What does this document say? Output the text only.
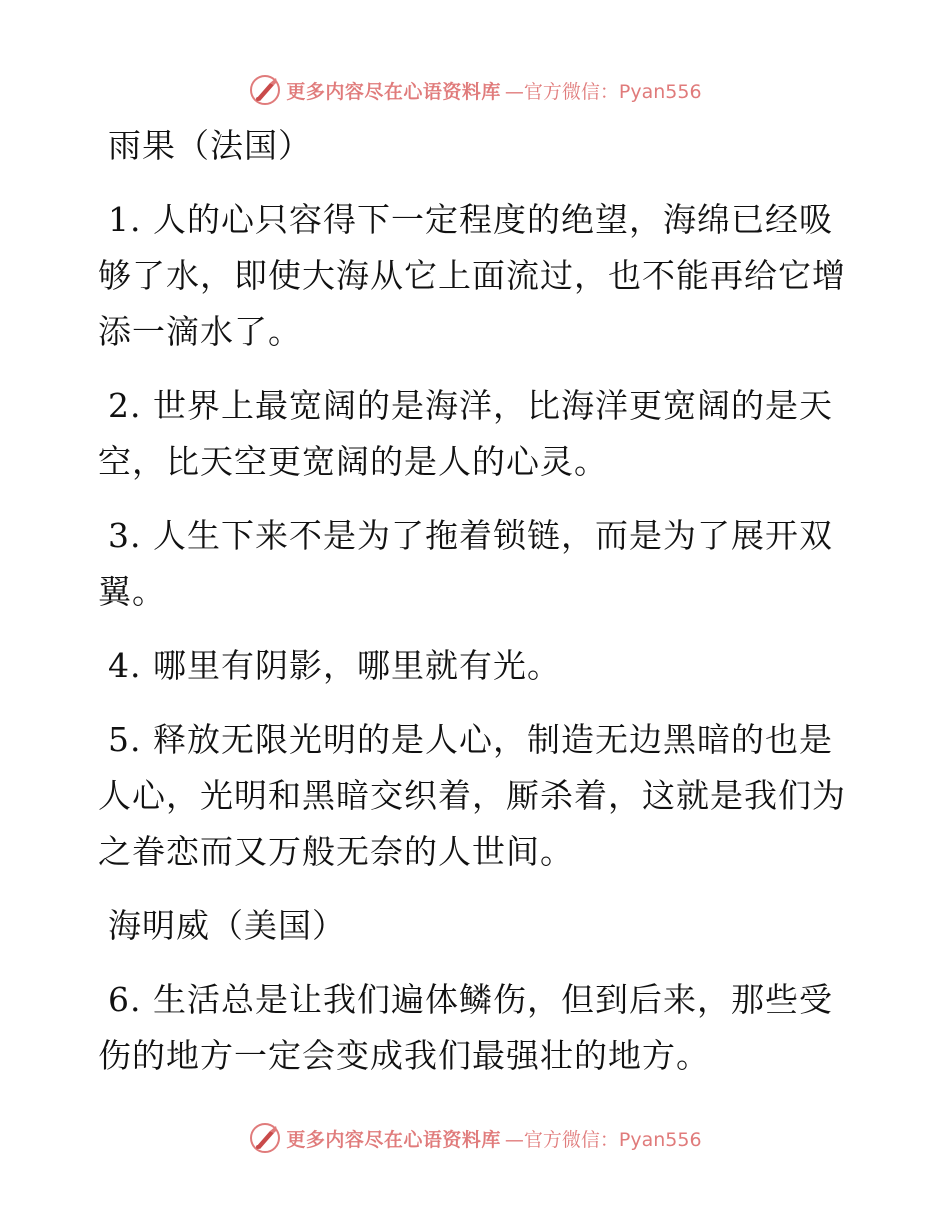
更多内容尽在心语资料库 —官方微信：Pyan556

雨果（法国）

1. 人的心只容得下一定程度的绝望，海绵已经吸够了水，即使大海从它上面流过，也不能再给它增添一滴水了。

2. 世界上最宽阔的是海洋，比海洋更宽阔的是天空，比天空更宽阔的是人的心灵。

3. 人生下来不是为了拖着锁链，而是为了展开双翼。

4. 哪里有阴影，哪里就有光。

5. 释放无限光明的是人心，制造无边黑暗的也是人心，光明和黑暗交织着，厮杀着，这就是我们为之眷恋而又万般无奈的人世间。

海明威（美国）

6. 生活总是让我们遍体鳞伤，但到后来，那些受伤的地方一定会变成我们最强壮的地方。

更多内容尽在心语资料库 —官方微信：Pyan556
